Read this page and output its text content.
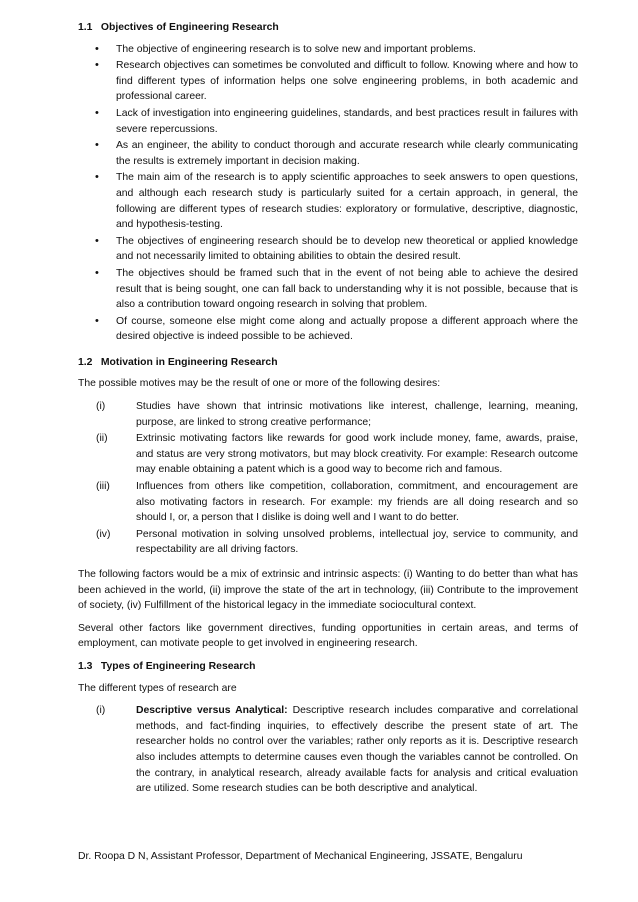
1.1 Objectives of Engineering Research
• The objective of engineering research is to solve new and important problems.
• Research objectives can sometimes be convoluted and difficult to follow. Knowing where and how to find different types of information helps one solve engineering problems, in both academic and professional career.
• Lack of investigation into engineering guidelines, standards, and best practices result in failures with severe repercussions.
• As an engineer, the ability to conduct thorough and accurate research while clearly communicating the results is extremely important in decision making.
• The main aim of the research is to apply scientific approaches to seek answers to open questions, and although each research study is particularly suited for a certain approach, in general, the following are different types of research studies: exploratory or formulative, descriptive, diagnostic, and hypothesis-testing.
• The objectives of engineering research should be to develop new theoretical or applied knowledge and not necessarily limited to obtaining abilities to obtain the desired result.
• The objectives should be framed such that in the event of not being able to achieve the desired result that is being sought, one can fall back to understanding why it is not possible, because that is also a contribution toward ongoing research in solving that problem.
• Of course, someone else might come along and actually propose a different approach where the desired objective is indeed possible to be achieved.
1.2 Motivation in Engineering Research

The possible motives may be the result of one or more of the following desires:

(i)	Studies have shown that intrinsic motivations like interest, challenge, learning, meaning, purpose, are linked to strong creative performance;
(ii)	Extrinsic motivating factors like rewards for good work include money, fame, awards, praise, and status are very strong motivators, but may block creativity. For example: Research outcome may enable obtaining a patent which is a good way to become rich and famous.
(iii)	Influences from others like competition, collaboration, commitment, and encouragement are also motivating factors in research. For example: my friends are all doing research and so should I, or, a person that I dislike is doing well and I want to do better.
(iv) Personal motivation in solving unsolved problems, intellectual joy, service to community, and respectability are all driving factors.

The following factors would be a mix of extrinsic and intrinsic aspects: (i) Wanting to do better than what has been achieved in the world, (ii) improve the state of the art in technology, (iii) Contribute to the improvement of society, (iv) Fulfillment of the historical legacy in the immediate sociocultural context.

Several other factors like government directives, funding opportunities in certain areas, and terms of employment, can motivate people to get involved in engineering research.

1.3 Types of Engineering Research

The different types of research are

(i)	Descriptive versus Analytical: Descriptive research includes comparative and correlational methods, and fact-finding inquiries, to effectively describe the present state of art. The researcher holds no control over the variables; rather only reports as it is. Descriptive research also includes attempts to determine causes even though the variables cannot be controlled. On the contrary, in analytical research, already available facts for analysis and critical evaluation are utilized. Some research studies can be both descriptive and analytical.
Dr. Roopa D N, Assistant Professor, Department of Mechanical Engineering, JSSATE, Bengaluru
